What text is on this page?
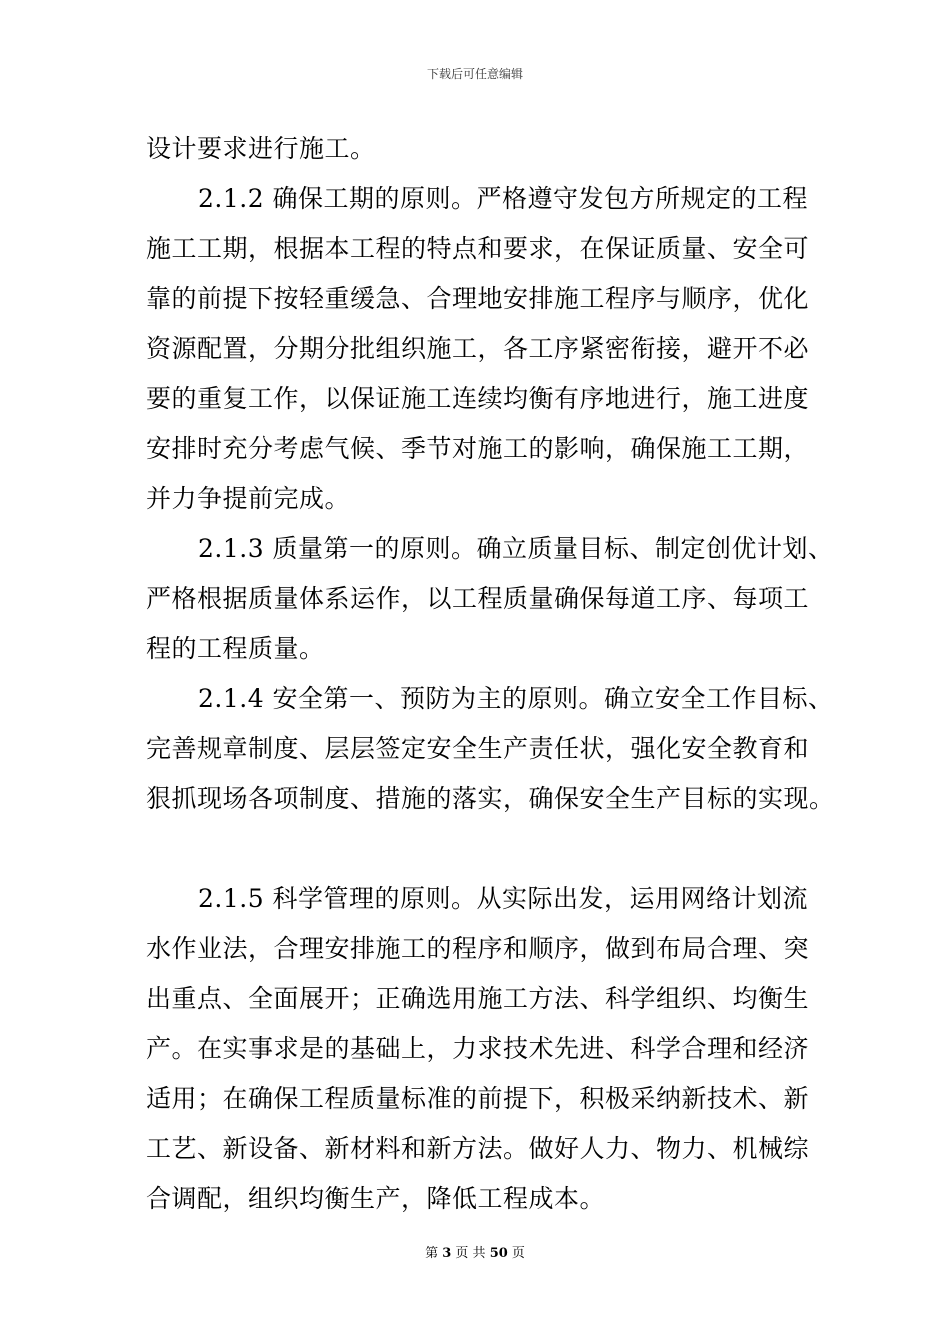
下载后可任意编辑
设计要求进行施工。
2.1.2 确保工期的原则。严格遵守发包方所规定的工程
施工工期，根据本工程的特点和要求，在保证质量、安全可
靠的前提下按轻重缓急、合理地安排施工程序与顺序，优化
资源配置，分期分批组织施工，各工序紧密衔接，避开不必
要的重复工作，以保证施工连续均衡有序地进行，施工进度
安排时充分考虑气候、季节对施工的影响，确保施工工期，
并力争提前完成。
2.1.3 质量第一的原则。确立质量目标、制定创优计划、
严格根据质量体系运作，以工程质量确保每道工序、每项工
程的工程质量。
2.1.4 安全第一、预防为主的原则。确立安全工作目标、
完善规章制度、层层签定安全生产责任状，强化安全教育和
狠抓现场各项制度、措施的落实，确保安全生产目标的实现。
2.1.5 科学管理的原则。从实际出发，运用网络计划流
水作业法，合理安排施工的程序和顺序，做到布局合理、突
出重点、全面展开；正确选用施工方法、科学组织、均衡生
产。在实事求是的基础上，力求技术先进、科学合理和经济
适用；在确保工程质量标准的前提下，积极采纳新技术、新
工艺、新设备、新材料和新方法。做好人力、物力、机械综
合调配，组织均衡生产，降低工程成本。
第 3 页 共 50 页
